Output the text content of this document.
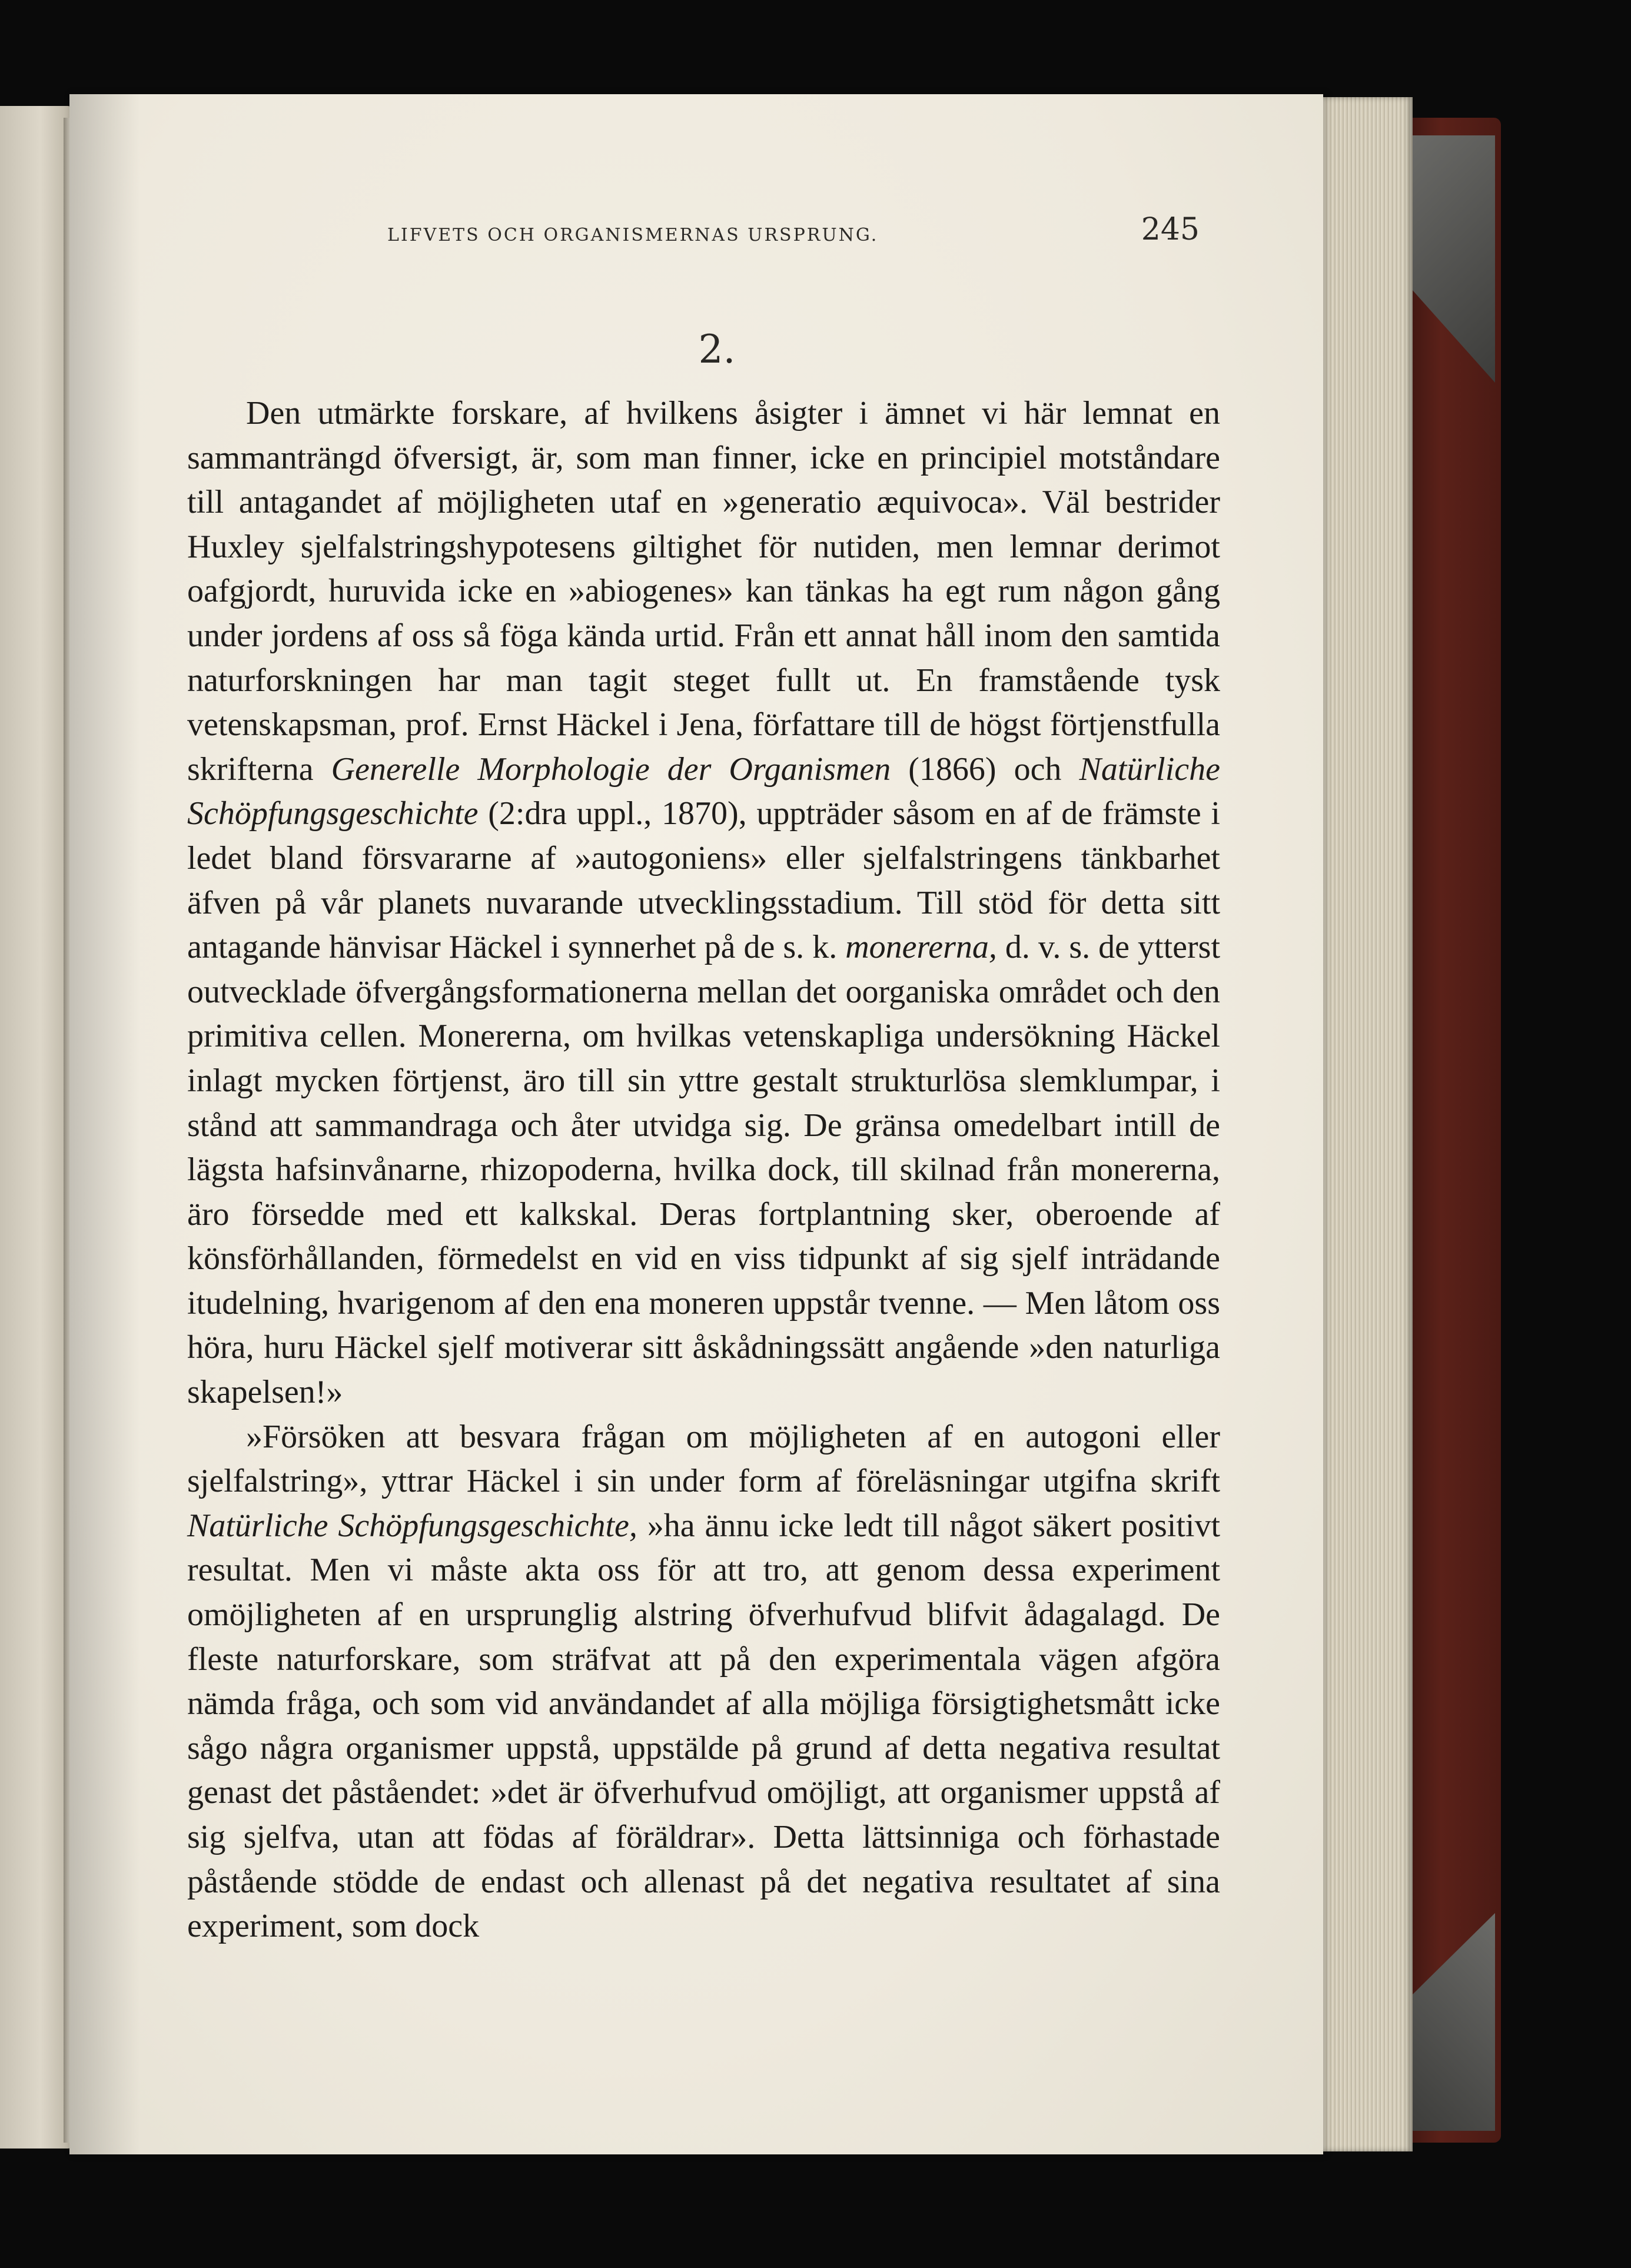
LIFVETS OCH ORGANISMERNAS URSPRUNG.	245
2.

Den utmärkte forskare, af hvilkens åsigter i ämnet vi här lemnat en sammanträngd öfversigt, är, som man finner, icke en principiel motståndare till antagandet af möjligheten utaf en »generatio æquivoca». Väl bestrider Huxley sjelfalstringshypotesens giltighet för nutiden, men lemnar derimot oafgjordt, huruvida icke en »abiogenes» kan tänkas ha egt rum någon gång under jordens af oss så föga kända urtid. Från ett annat håll inom den samtida naturforskningen har man tagit steget fullt ut. En framstående tysk vetenskapsman, prof. Ernst Häckel i Jena, författare till de högst förtjenstfulla skrifterna Generelle Morphologie der Organismen (1866) och Natürliche Schöpfungsgeschichte (2:dra uppl., 1870), uppträder såsom en af de främste i ledet bland försvararne af »autogoniens» eller sjelfalstringens tänkbarhet äfven på vår planets nuvarande utvecklingsstadium. Till stöd för detta sitt antagande hänvisar Häckel i synnerhet på de s. k. monererna, d. v. s. de ytterst outvecklade öfvergångsformationerna mellan det oorganiska området och den primitiva cellen. Monererna, om hvilkas vetenskapliga undersökning Häckel inlagt mycken förtjenst, äro till sin yttre gestalt strukturlösa slemklumpar, i stånd att sammandraga och åter utvidga sig. De gränsa omedelbart intill de lägsta hafsinvånarne, rhizopoderna, hvilka dock, till skilnad från monererna, äro försedde med ett kalkskal. Deras fortplantning sker, oberoende af könsförhållanden, förmedelst en vid en viss tidpunkt af sig sjelf inträdande itudelning, hvarigenom af den ena moneren uppstår tvenne. — Men låtom oss höra, huru Häckel sjelf motiverar sitt åskådningssätt angående »den naturliga skapelsen!»

»Försöken att besvara frågan om möjligheten af en autogoni eller sjelfalstring», yttrar Häckel i sin under form af föreläsningar utgifna skrift Natürliche Schöpfungsgeschichte, »ha ännu icke ledt till något säkert positivt resultat. Men vi måste akta oss för att tro, att genom dessa experiment omöjligheten af en ursprunglig alstring öfverhufvud blifvit ådagalagd. De fleste naturforskare, som sträfvat att på den experimentala vägen afgöra nämda fråga, och som vid användandet af alla möjliga försigtighetsmått icke sågo några organismer uppstå, uppstälde på grund af detta negativa resultat genast det påståendet: »det är öfverhufvud omöjligt, att organismer uppstå af sig sjelfva, utan att födas af föräldrar». Detta lättsinniga och förhastade påstående stödde de endast och allenast på det negativa resultatet af sina experiment, som dock
